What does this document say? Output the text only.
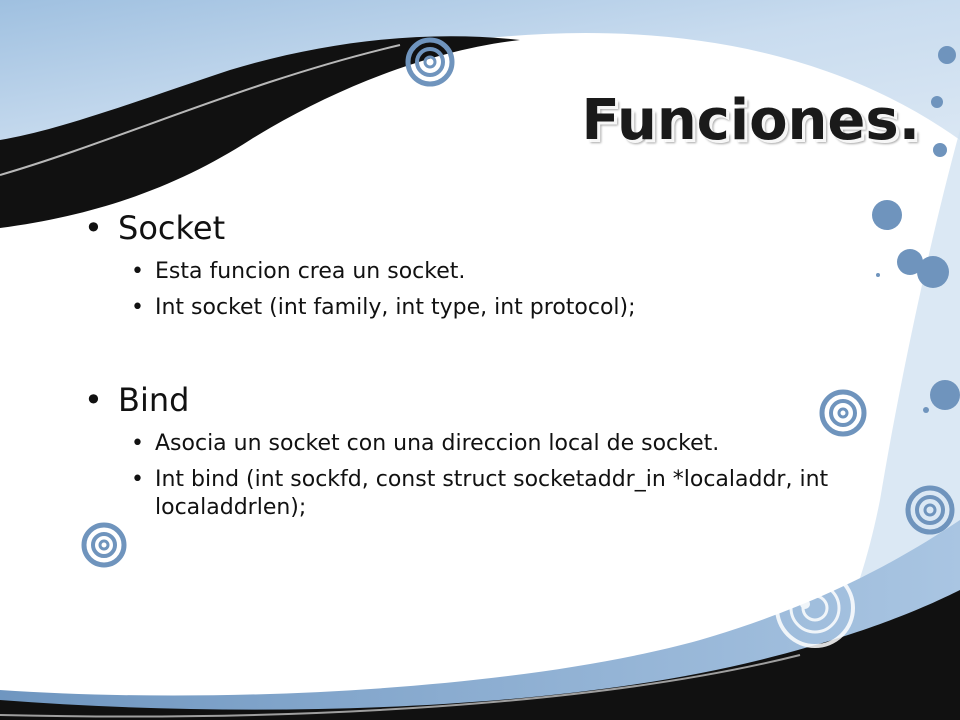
Funciones.
• Socket
• Esta funcion crea un socket.
• Int socket (int family, int type, int protocol);
• Bind
• Asocia un socket con una direccion local de socket.
• Int bind (int sockfd, const struct socketaddr_in *localaddr, int localaddrlen);
